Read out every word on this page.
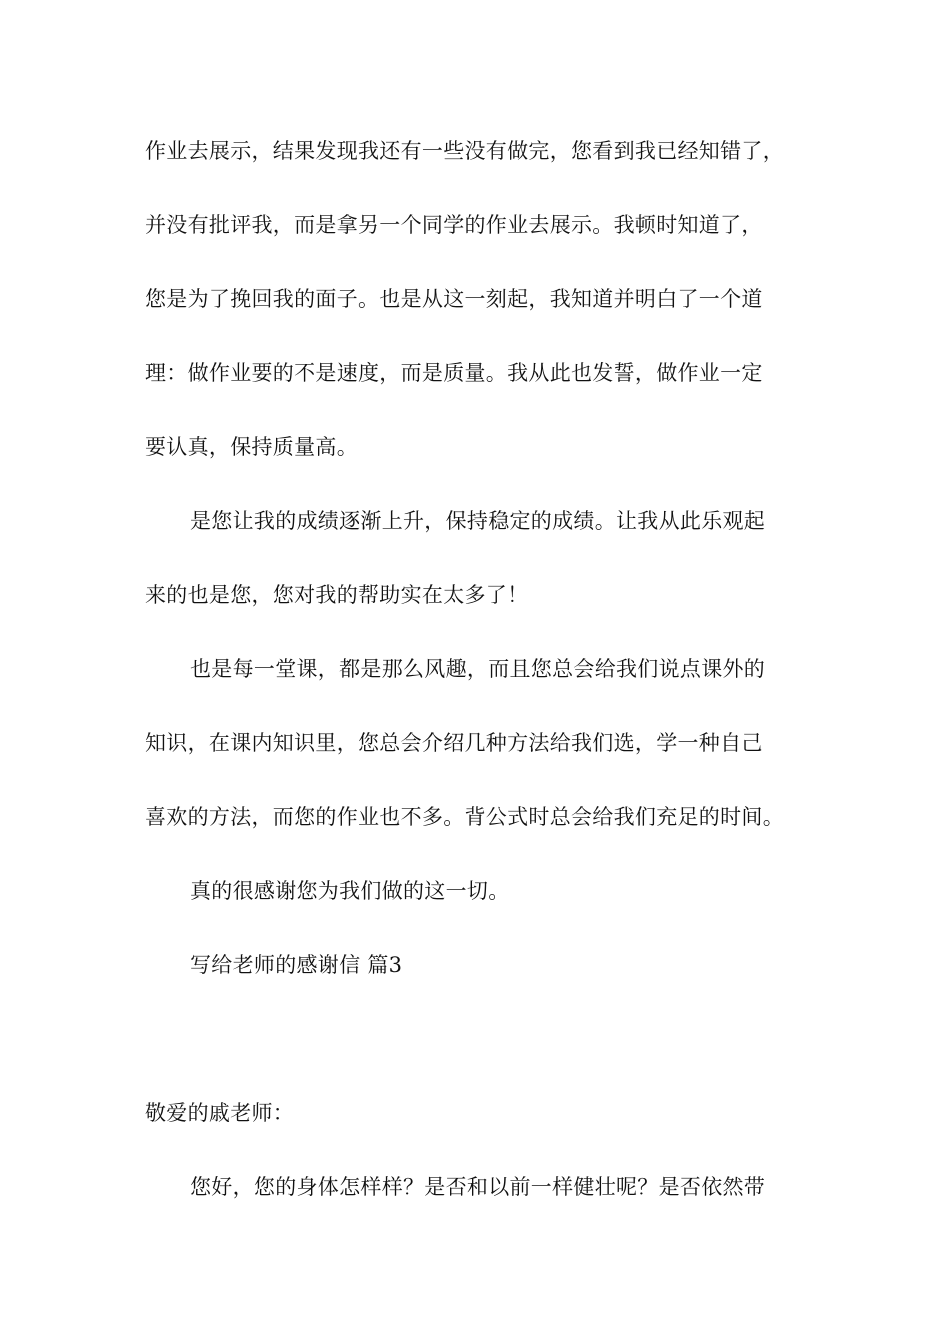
作业去展示，结果发现我还有一些没有做完，您看到我已经知错了，
并没有批评我，而是拿另一个同学的作业去展示。我顿时知道了，
您是为了挽回我的面子。也是从这一刻起，我知道并明白了一个道
理：做作业要的不是速度，而是质量。我从此也发誓，做作业一定
要认真，保持质量高。
是您让我的成绩逐渐上升，保持稳定的成绩。让我从此乐观起
来的也是您，您对我的帮助实在太多了！
也是每一堂课，都是那么风趣，而且您总会给我们说点课外的
知识，在课内知识里，您总会介绍几种方法给我们选，学一种自己
喜欢的方法，而您的作业也不多。背公式时总会给我们充足的时间。
真的很感谢您为我们做的这一切。
写给老师的感谢信 篇3
敬爱的戚老师：
您好，您的身体怎样样？是否和以前一样健壮呢？是否依然带
